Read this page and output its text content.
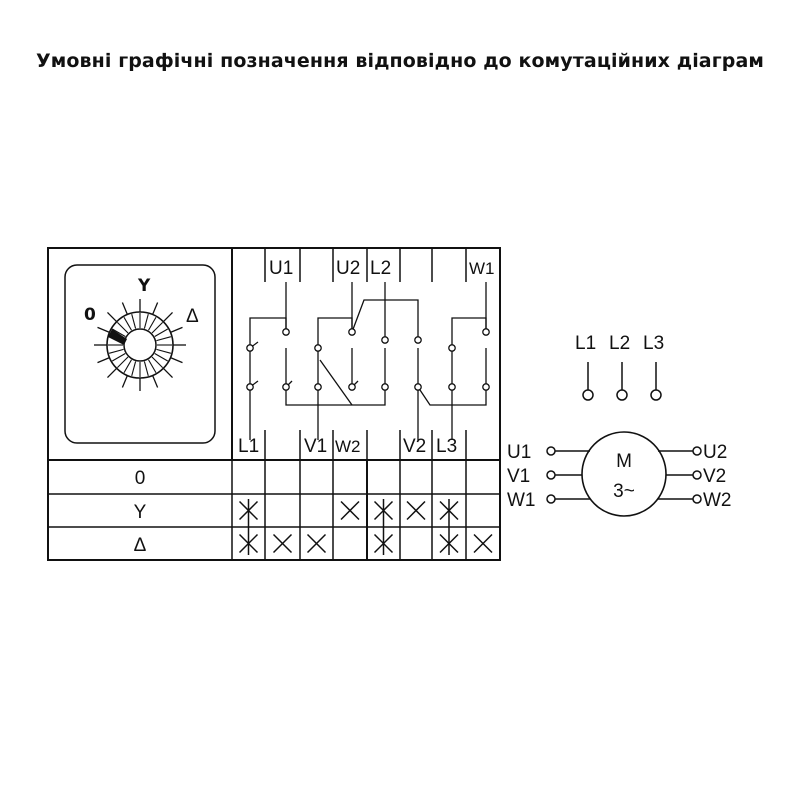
Умовні графічні позначення відповідно до комутаційних діаграм
0
Y
Δ
U1 U2 L2	W1
L1 V1 W2 V2 L3
0
Y
Δ
L1 L2 L3
M
3~
U1
V1
W1
U2
V2
W2
